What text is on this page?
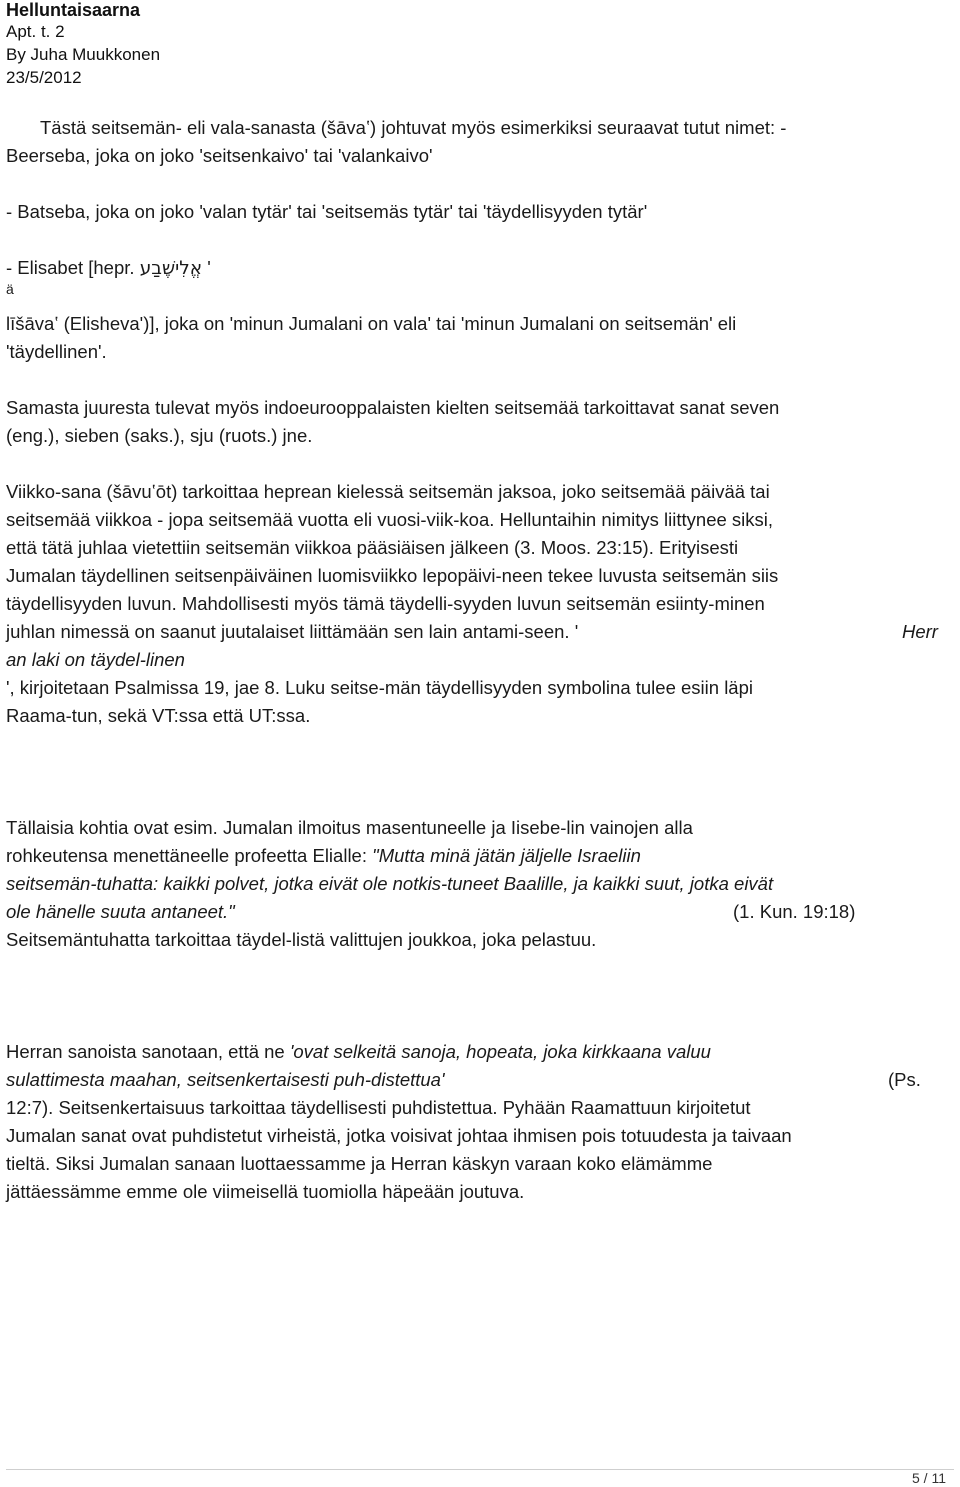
Helluntaisaarna
Apt. t. 2
By Juha Muukkonen
23/5/2012
Tästä seitsemän- eli vala-sanasta (šāvaʽ) johtuvat myös esimerkiksi seuraavat tutut nimet: -
Beerseba, joka on joko 'seitsenkaivo' tai 'valankaivo'
- Batseba, joka on joko 'valan tytär' tai 'seitsemäs tytär' tai 'täydellisyyden tytär'
- Elisabet [hepr. אֱלִישֶׁבַע '
ä
līšāvaʽ (Elisheva')], joka on 'minun Jumalani on vala' tai 'minun Jumalani on seitsemän' eli
'täydellinen'.
Samasta juuresta tulevat myös indoeurooppalaisten kielten seitsemää tarkoittavat sanat seven
(eng.), sieben (saks.), sju (ruots.) jne.
Viikko-sana (šāvuʽōt) tarkoittaa heprean kielessä seitsemän jaksoa, joko seitsemää päivää tai
seitsemää viikkoa - jopa seitsemää vuotta eli vuosi-viik-koa. Helluntaihin nimitys liittynee siksi,
että tätä juhlaa vietettiin seitsemän viikkoa pääsiäisen jälkeen (3. Moos. 23:15). Erityisesti
Jumalan täydellinen seitsenpäiväinen luomisviikko lepopäivi-neen tekee luvusta seitsemän siis
täydellisyyden luvun. Mahdollisesti myös tämä täydelli-syyden luvun seitsemän esiinty-minen
juhlan nimessä on saanut juutalaiset liittämään sen lain antami-seen. '	Herr
an laki on täydel-linen
', kirjoitetaan Psalmissa 19, jae 8. Luku seitse-män täydellisyyden symbolina tulee esiin läpi
Raama-tun, sekä VT:ssa että UT:ssa.
Tällaisia kohtia ovat esim. Jumalan ilmoitus masentuneelle ja Iisebe-lin vainojen alla
rohkeutensa menettäneelle profeetta Elialle: "Mutta minä jätän jäljelle Israeliin
seitsemän-tuhatta: kaikki polvet, jotka eivät ole notkis-tuneet Baalille, ja kaikki suut, jotka eivät
ole hänelle suuta antaneet."	(1. Kun. 19:18)
Seitsemäntuhatta tarkoittaa täydel-listä valittujen joukkoa, joka pelastuu.
Herran sanoista sanotaan, että ne 'ovat selkeitä sanoja, hopeata, joka kirkkaana valuu
sulattimesta maahan, seitsenkertaisesti puh-distettua'	(Ps.
12:7). Seitsenkertaisuus tarkoittaa täydellisesti puhdistettua. Pyhään Raamattuun kirjoitetut
Jumalan sanat ovat puhdistetut virheistä, jotka voisivat johtaa ihmisen pois totuudesta ja taivaan
tieltä. Siksi Jumalan sanaan luottaessamme ja Herran käskyn varaan koko elämämme
jättäessämme emme ole viimeisellä tuomiolla häpeään joutuva.
5 / 11
